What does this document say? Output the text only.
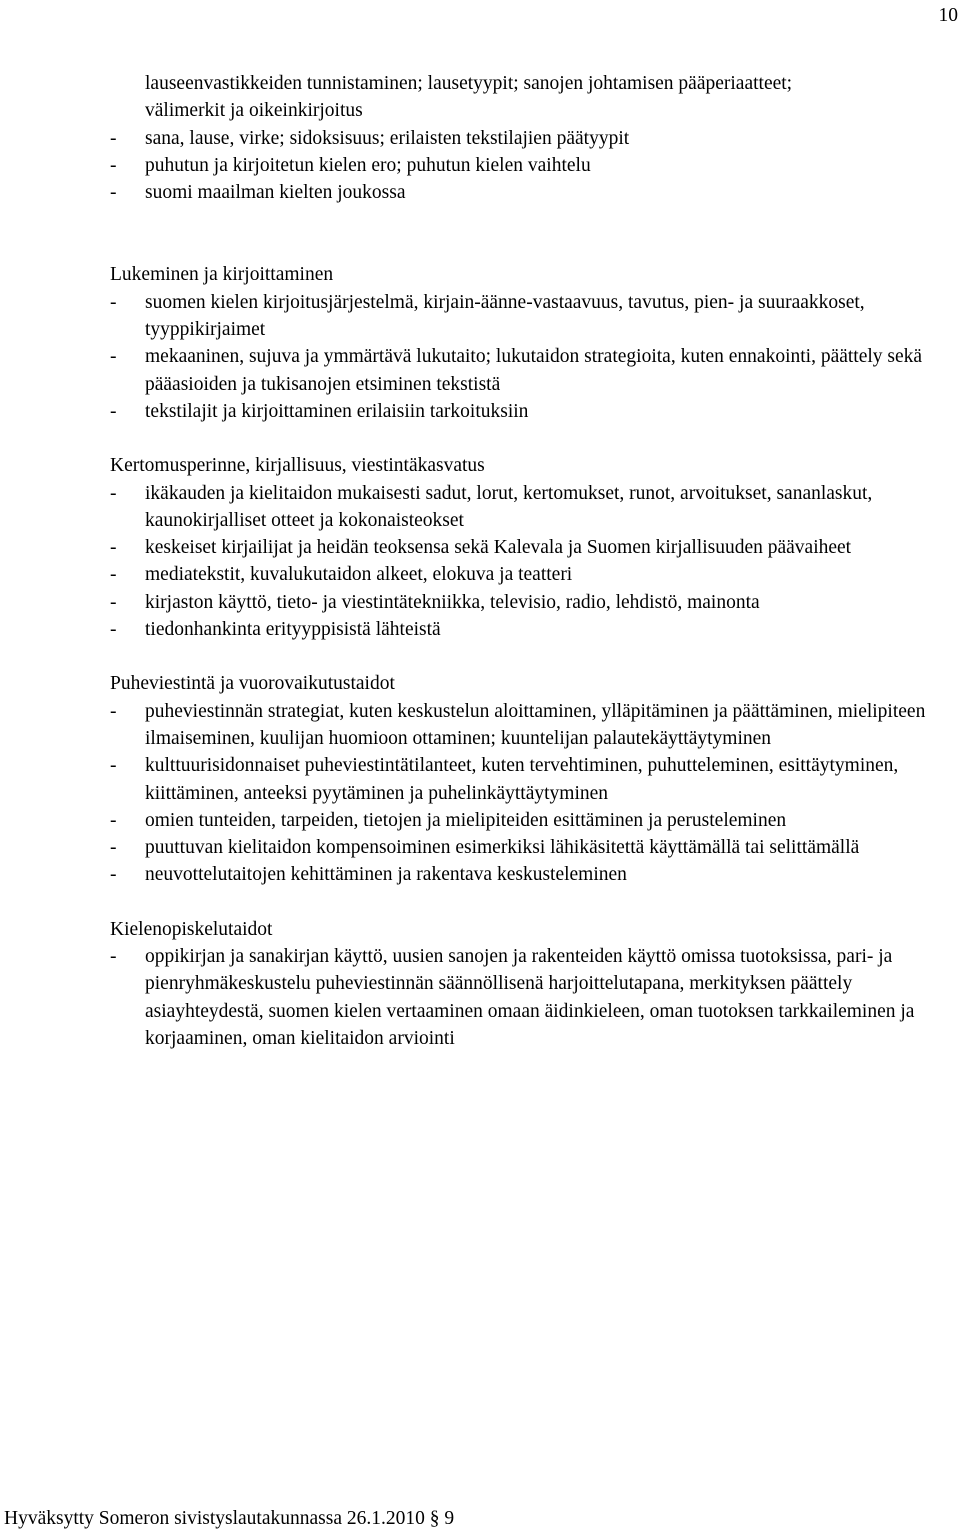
10
lauseenvastikkeiden tunnistaminen; lausetyypit; sanojen johtamisen pääperiaatteet;
välimerkit ja oikeinkirjoitus
- sana, lause, virke; sidoksisuus; erilaisten tekstilajien päätyypit
- puhutun ja kirjoitetun kielen ero; puhutun kielen vaihtelu
- suomi maailman kielten joukossa
Lukeminen ja kirjoittaminen
- suomen kielen kirjoitusjärjestelmä, kirjain-äänne-vastaavuus, tavutus, pien- ja suuraakkoset, tyyppikirjaimet
- mekaaninen, sujuva ja ymmärtävä lukutaito; lukutaidon strategioita, kuten ennakointi, päättely sekä pääasioiden ja tukisanojen etsiminen tekstistä
- tekstilajit ja kirjoittaminen erilaisiin tarkoituksiin
Kertomusperinne, kirjallisuus, viestintäkasvatus
- ikäkauden ja kielitaidon mukaisesti sadut, lorut, kertomukset, runot, arvoitukset, sananlaskut, kaunokirjalliset otteet ja kokonaisteokset
- keskeiset kirjailijat ja heidän teoksensa sekä Kalevala ja Suomen kirjallisuuden päävaiheet
- mediatekstit, kuvalukutaidon alkeet, elokuva ja teatteri
- kirjaston käyttö, tieto- ja viestintätekniikka, televisio, radio, lehdistö, mainonta
- tiedonhankinta erityyppisistä lähteistä
Puheviestintä ja vuorovaikutustaidot
- puheviestinnän strategiat, kuten keskustelun aloittaminen, ylläpitäminen ja päättäminen, mielipiteen ilmaiseminen, kuulijan huomioon ottaminen; kuuntelijan palautekäyttäytyminen
- kulttuurisidonnaiset puheviestintätilanteet, kuten tervehtiminen, puhutteleminen, esittäytyminen, kiittäminen, anteeksi pyytäminen ja puhelinkäyttäytyminen
- omien tunteiden, tarpeiden, tietojen ja mielipiteiden esittäminen ja perusteleminen
- puuttuvan kielitaidon kompensoiminen esimerkiksi lähikäsitettä käyttämällä tai selittämällä
- neuvottelutaitojen kehittäminen ja rakentava keskusteleminen
Kielenopiskelutaidot
- oppikirjan ja sanakirjan käyttö, uusien sanojen ja rakenteiden käyttö omissa tuotoksissa, pari- ja pienryhmäkeskustelu puheviestinnän säännöllisenä harjoittelutapana, merkityksen päättely asiayhteydestä, suomen kielen vertaaminen omaan äidinkieleen, oman tuotoksen tarkkaileminen ja korjaaminen, oman kielitaidon arviointi
Hyväksytty Someron sivistyslautakunnassa 26.1.2010 § 9
